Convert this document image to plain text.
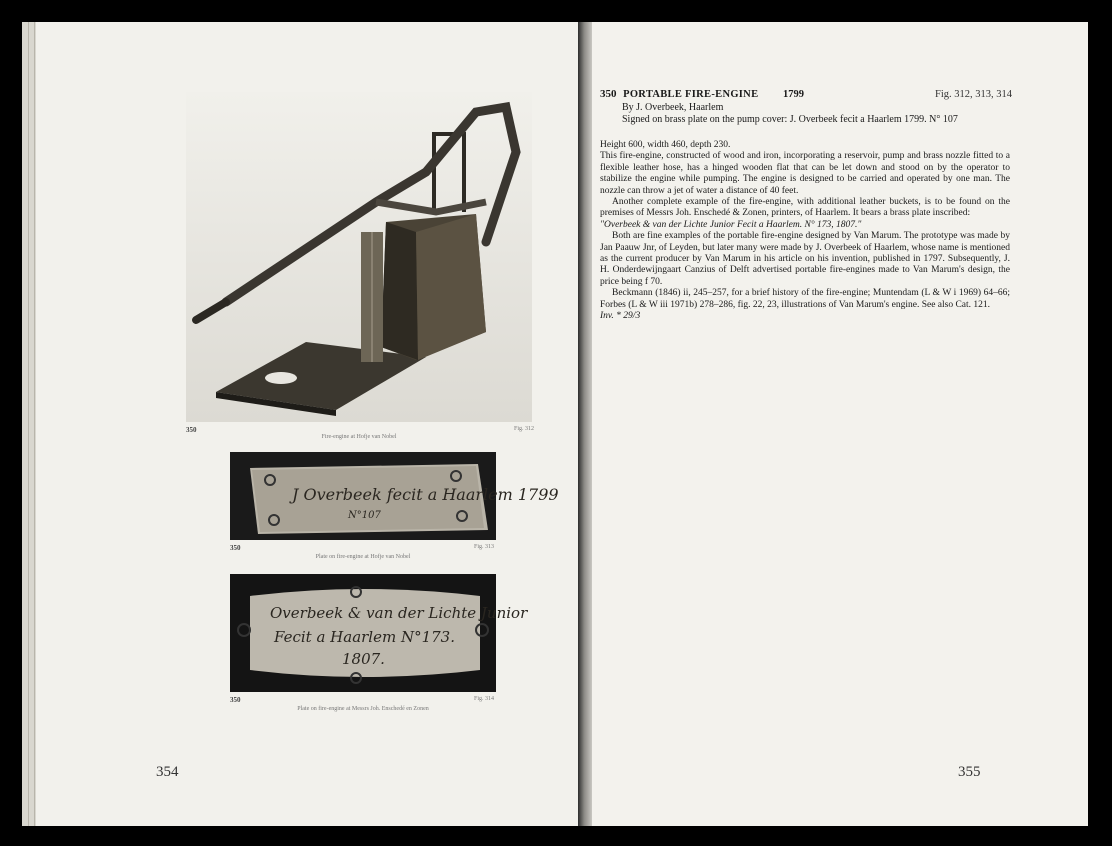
350	Fig. 312
Fire-engine at Hofje van Nobel
J Overbeek fecit a Haarlem 1799
N°107
350	Fig. 313
Plate on fire-engine at Hofje van Nobel
Overbeek & van der Lichte Junior
Fecit a Haarlem N°173.
1807.
350	Fig. 314
Plate on fire-engine at Messrs Joh. Enschedé en Zonen
354
350 PORTABLE FIRE-ENGINE 1799	Fig. 312, 313, 314
By J. Overbeek, Haarlem
Signed on brass plate on the pump cover: J. Overbeek fecit a Haarlem 1799. N° 107

Height 600, width 460, depth 230.

This fire-engine, constructed of wood and iron, incorporating a reservoir, pump and brass nozzle fitted to a flexible leather hose, has a hinged wooden flat that can be let down and stood on by the operator to stabilize the engine while pumping. The engine is designed to be carried and operated by one man. The nozzle can throw a jet of water a distance of 40 feet.

Another complete example of the fire-engine, with additional leather buckets, is to be found on the premises of Messrs Joh. Enschedé & Zonen, printers, of Haarlem. It bears a brass plate inscribed:

"Overbeek & van der Lichte Junior Fecit a Haarlem. N° 173, 1807."

Both are fine examples of the portable fire-engine designed by Van Marum. The prototype was made by Jan Paauw Jnr, of Leyden, but later many were made by J. Overbeek of Haarlem, whose name is mentioned as the current producer by Van Marum in his article on his invention, published in 1797. Subsequently, J. H. Onderdewijngaart Canzius of Delft advertised portable fire-engines made to Van Marum's design, the price being f 70.

Beckmann (1846) ii, 245–257, for a brief history of the fire-engine; Muntendam (L & W i 1969) 64–66; Forbes (L & W iii 1971b) 278–286, fig. 22, 23, illustrations of Van Marum's engine. See also Cat. 121.

Inv. * 29/3

355
